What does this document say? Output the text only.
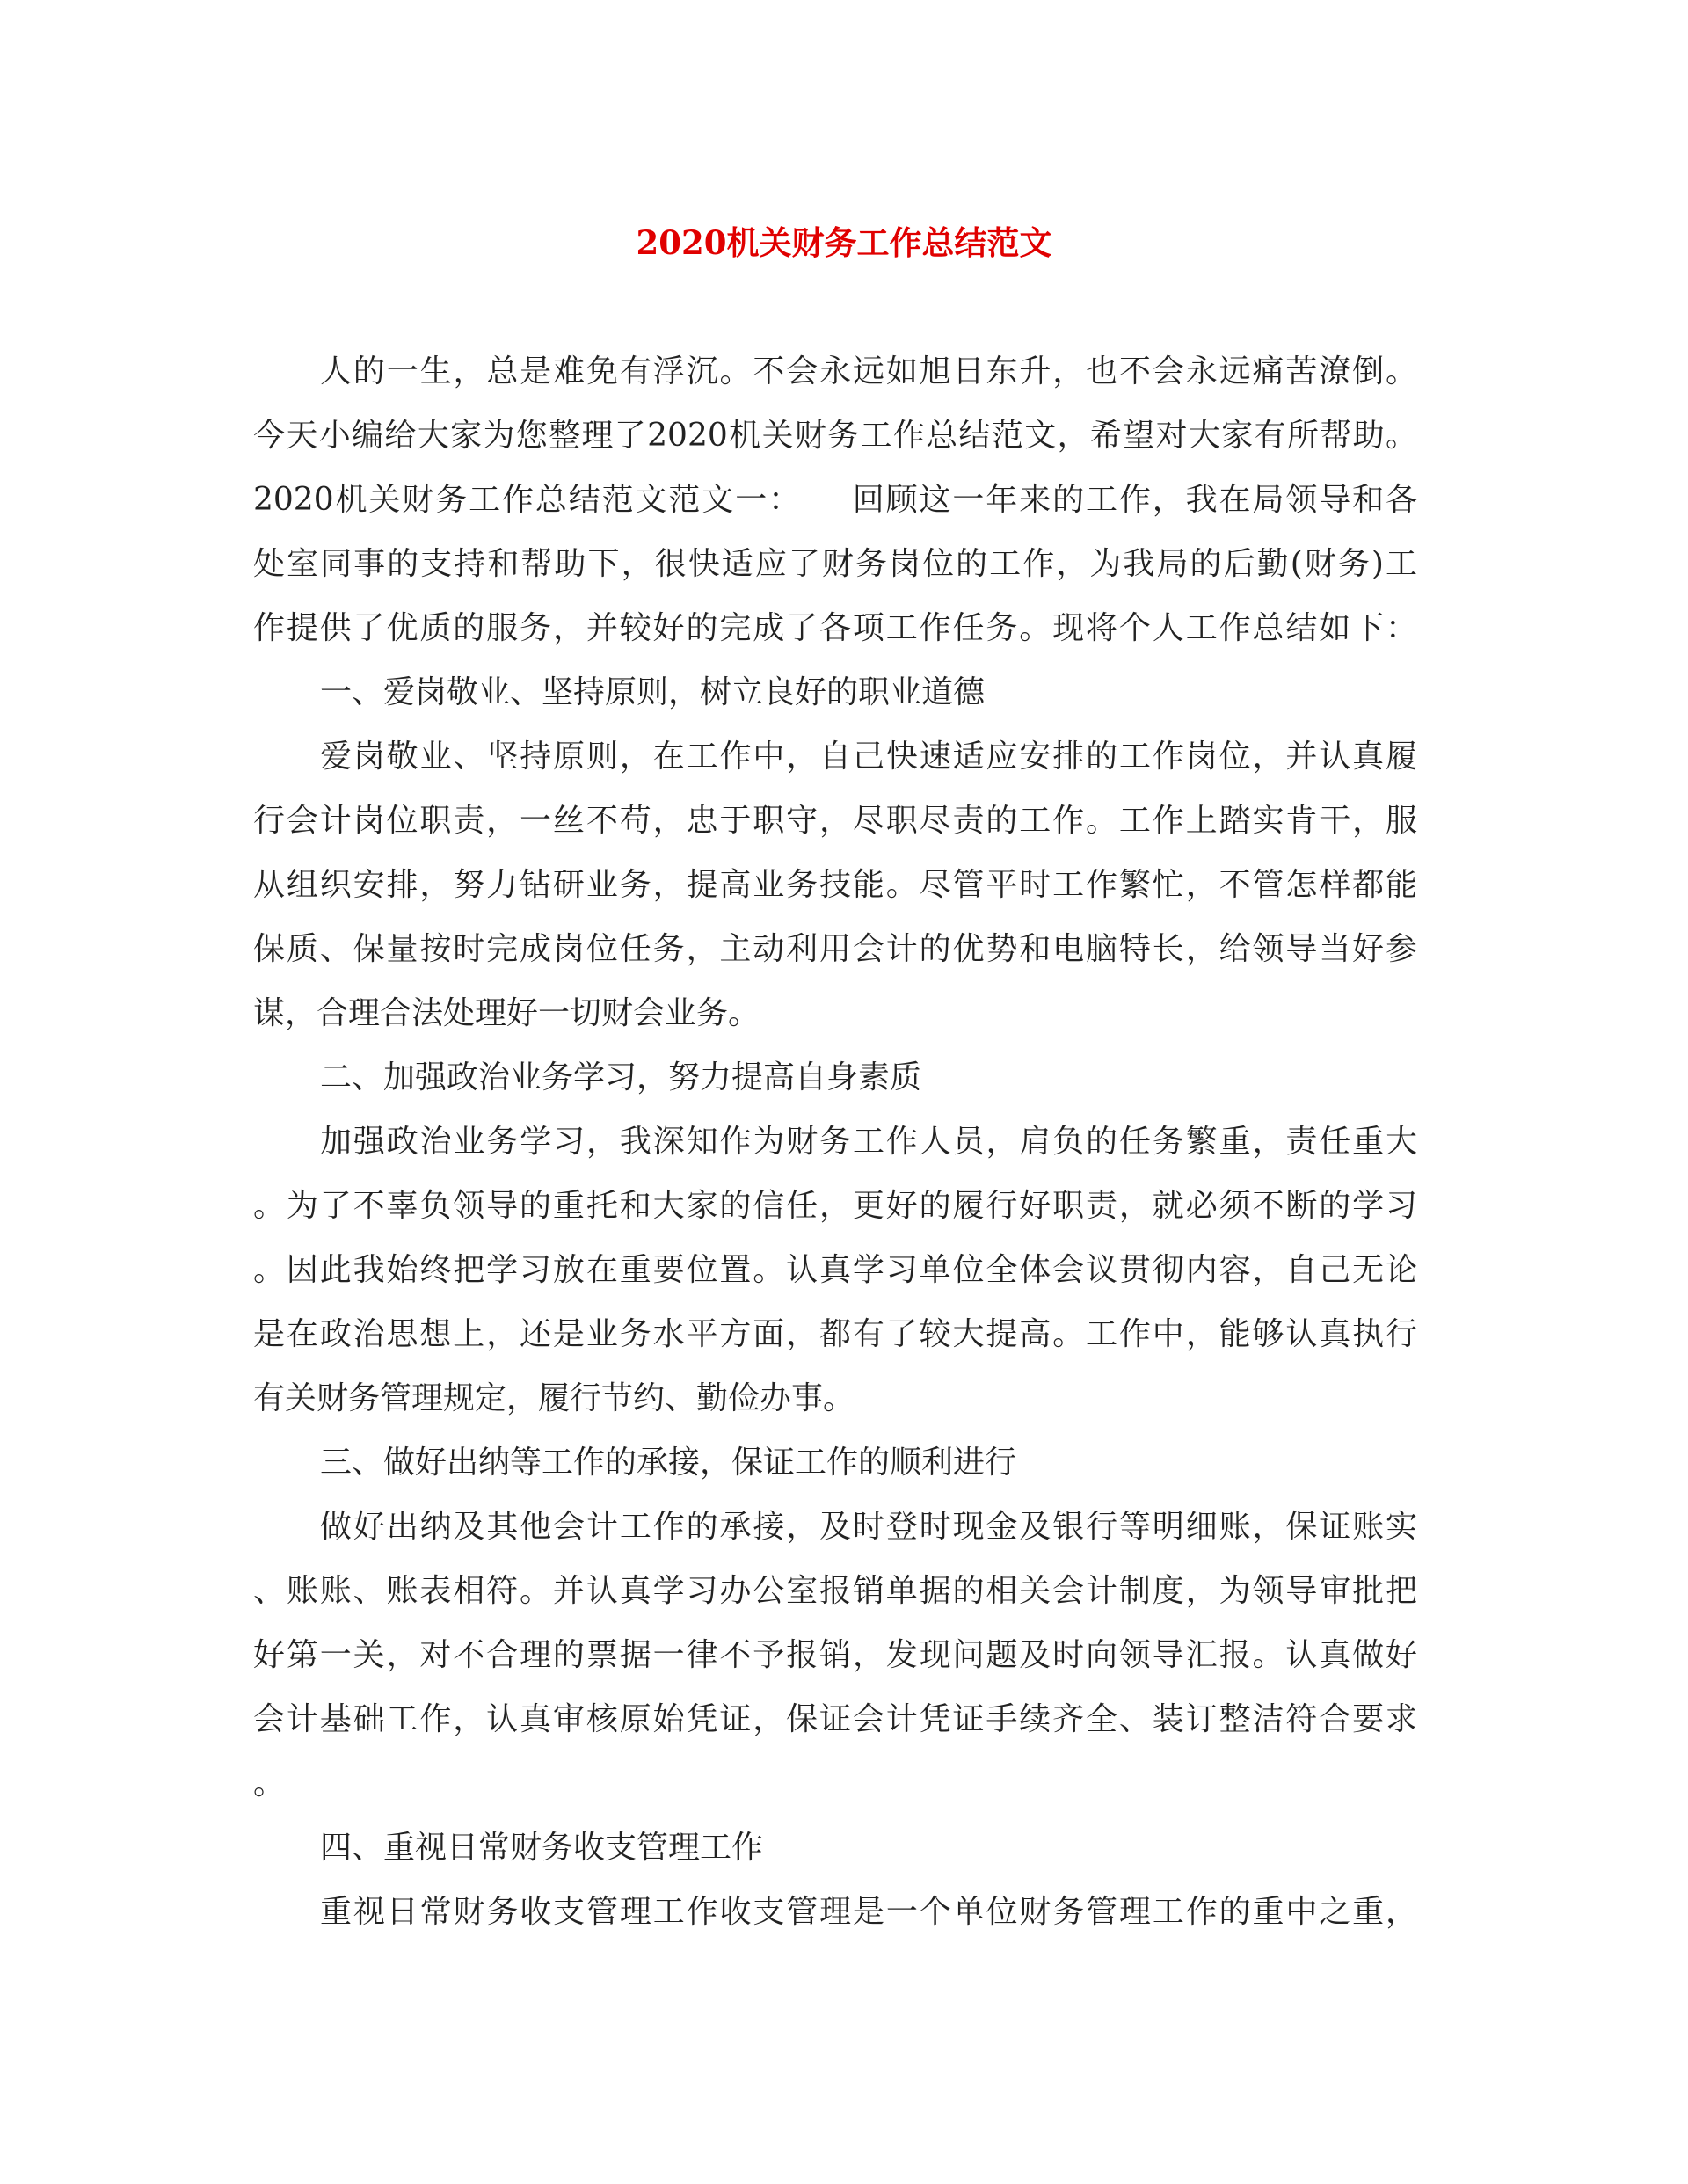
2020机关财务工作总结范文
人的一生，总是难免有浮沉。不会永远如旭日东升，也不会永远痛苦潦倒。
今天小编给大家为您整理了2020机关财务工作总结范文，希望对大家有所帮助。
2020机关财务工作总结范文范文一：　　回顾这一年来的工作，我在局领导和各
处室同事的支持和帮助下，很快适应了财务岗位的工作，为我局的后勤(财务)工
作提供了优质的服务，并较好的完成了各项工作任务。现将个人工作总结如下：
一、爱岗敬业、坚持原则，树立良好的职业道德
爱岗敬业、坚持原则，在工作中，自己快速适应安排的工作岗位，并认真履
行会计岗位职责，一丝不苟，忠于职守，尽职尽责的工作。工作上踏实肯干，服
从组织安排，努力钻研业务，提高业务技能。尽管平时工作繁忙，不管怎样都能
保质、保量按时完成岗位任务，主动利用会计的优势和电脑特长，给领导当好参
谋，合理合法处理好一切财会业务。
二、加强政治业务学习，努力提高自身素质
加强政治业务学习，我深知作为财务工作人员，肩负的任务繁重，责任重大
。为了不辜负领导的重托和大家的信任，更好的履行好职责，就必须不断的学习
。因此我始终把学习放在重要位置。认真学习单位全体会议贯彻内容，自己无论
是在政治思想上，还是业务水平方面，都有了较大提高。工作中，能够认真执行
有关财务管理规定，履行节约、勤俭办事。
三、做好出纳等工作的承接，保证工作的顺利进行
做好出纳及其他会计工作的承接，及时登时现金及银行等明细账，保证账实
、账账、账表相符。并认真学习办公室报销单据的相关会计制度，为领导审批把
好第一关，对不合理的票据一律不予报销，发现问题及时向领导汇报。认真做好
会计基础工作，认真审核原始凭证，保证会计凭证手续齐全、装订整洁符合要求
。
四、重视日常财务收支管理工作
重视日常财务收支管理工作收支管理是一个单位财务管理工作的重中之重，
